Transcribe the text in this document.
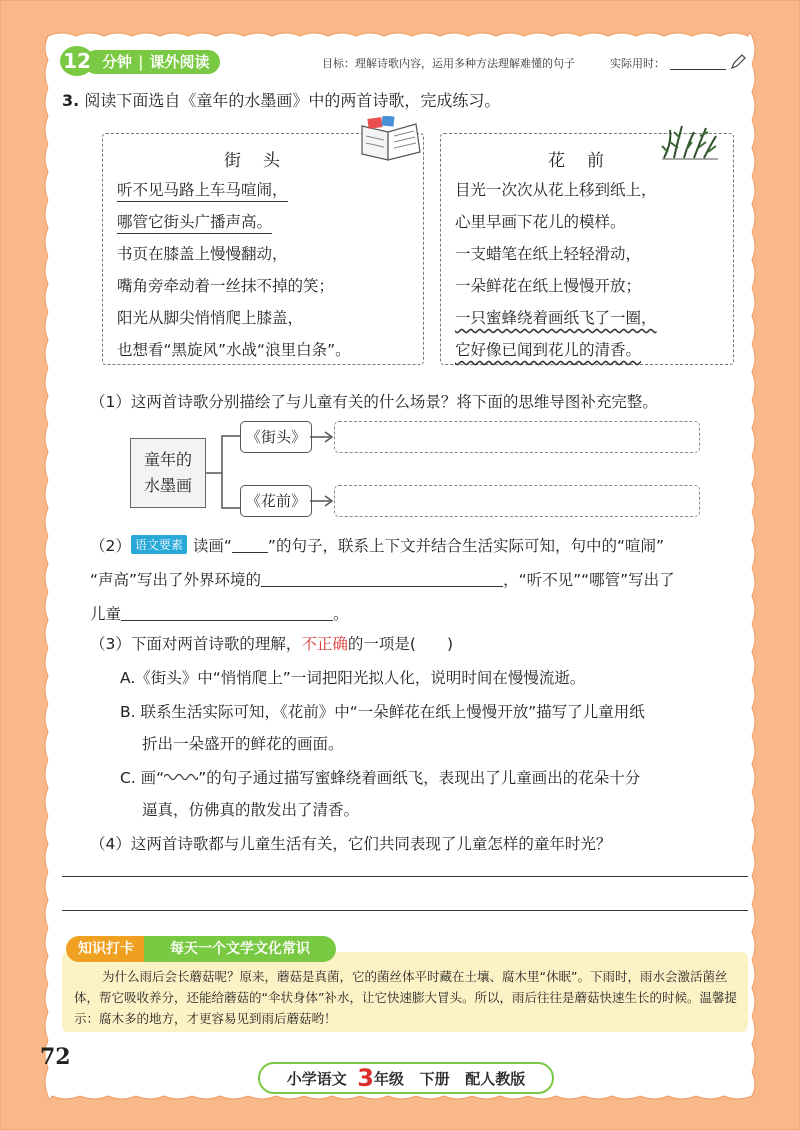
分钟 | 课外阅读
12	目标：理解诗歌内容，运用多种方法理解难懂的句子	实际用时：
3. 阅读下面选自《童年的水墨画》中的两首诗歌，完成练习。
街头
听不见马路上车马喧闹，
哪管它街头广播声高。
书页在膝盖上慢慢翻动，
嘴角旁牵动着一丝抹不掉的笑；
阳光从脚尖悄悄爬上膝盖，
也想看“黑旋风”水战“浪里白条”。
花前
目光一次次从花上移到纸上，
心里早画下花儿的模样。
一支蜡笔在纸上轻轻滑动，
一朵鲜花在纸上慢慢开放；
一只蜜蜂绕着画纸飞了一圈，
它好像已闻到花儿的清香。
（1）这两首诗歌分别描绘了与儿童有关的什么场景？将下面的思维导图补充完整。
童年的
水墨画
《街头》
《花前》
（2） 语文要素 读画“ ”的句子，联系上下文并结合生活实际可知，句中的“喧闹”
“声高”写出了外界环境的	，“听不见”“哪管”写出了
儿童	。
（3）下面对两首诗歌的理解，不正确的一项是(　　)
A.《街头》中“悄悄爬上”一词把阳光拟人化，说明时间在慢慢流逝。
B. 联系生活实际可知，《花前》中“一朵鲜花在纸上慢慢开放”描写了儿童用纸
折出一朵盛开的鲜花的画面。
C. 画“ ”的句子通过描写蜜蜂绕着画纸飞，表现出了儿童画出的花朵十分
逼真，仿佛真的散发出了清香。
（4）这两首诗歌都与儿童生活有关，它们共同表现了儿童怎样的童年时光？
为什么雨后会长蘑菇呢？原来，蘑菇是真菌，它的菌丝体平时藏在土壤、腐木里“休眠”。下雨时，雨水会激活菌丝体，帮它吸收养分，还能给蘑菇的“伞状身体”补水，让它快速膨大冒头。所以，雨后往往是蘑菇快速生长的时候。温馨提示：腐木多的地方，才更容易见到雨后蘑菇哟！
知识打卡	每天一个文学文化常识
72
小学语文 3年级 下册 配人教版
